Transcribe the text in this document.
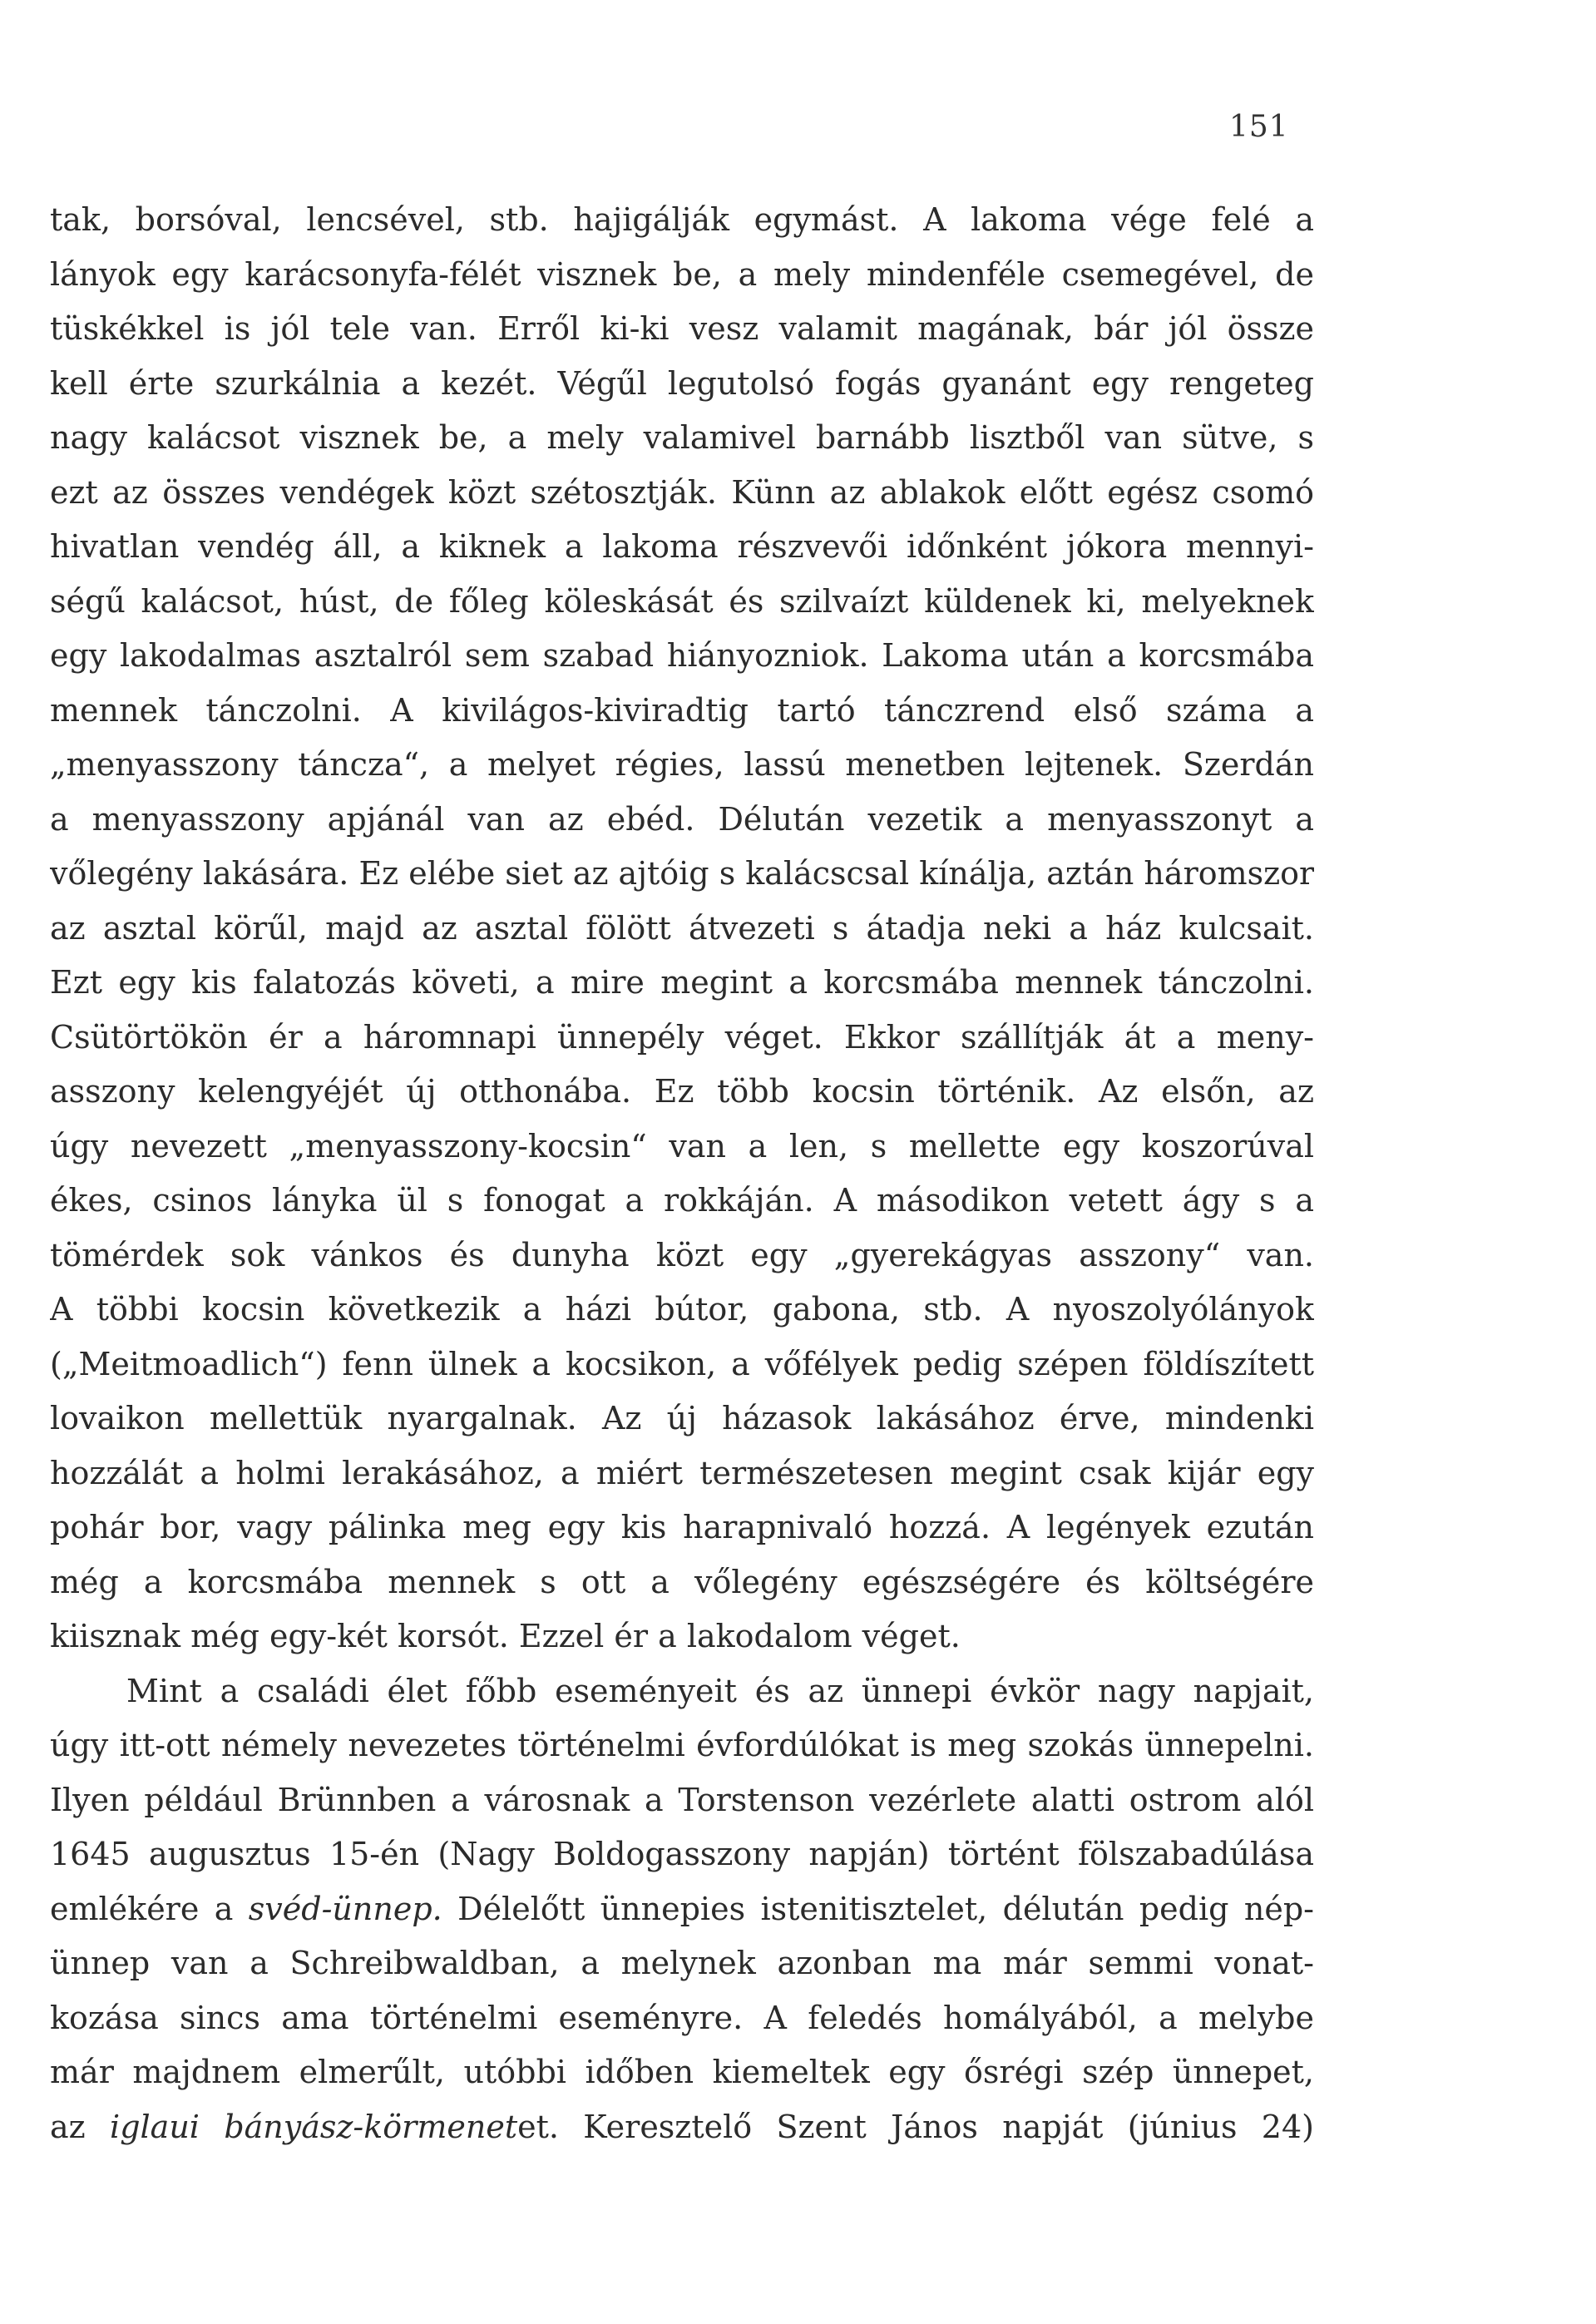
151
tak, borsóval, lencsével, stb. hajigálják egymást. A lakoma vége felé a
lányok egy karácsonyfa-félét visznek be, a mely mindenféle csemegével, de
tüskékkel is jól tele van. Erről ki-ki vesz valamit magának, bár jól össze
kell érte szurkálnia a kezét. Végűl legutolsó fogás gyanánt egy rengeteg
nagy kalácsot visznek be, a mely valamivel barnább lisztből van sütve, s
ezt az összes vendégek közt szétosztják. Künn az ablakok előtt egész csomó
hivatlan vendég áll, a kiknek a lakoma részvevői időnként jókora mennyi-
ségű kalácsot, húst, de főleg köleskását és szilvaízt küldenek ki, melyeknek
egy lakodalmas asztalról sem szabad hiányozniok. Lakoma után a korcsmába
mennek tánczolni. A kivilágos-kiviradtig tartó tánczrend első száma a
„menyasszony táncza“, a melyet régies, lassú menetben lejtenek. Szerdán
a menyasszony apjánál van az ebéd. Délután vezetik a menyasszonyt a
vőlegény lakására. Ez elébe siet az ajtóig s kalácscsal kínálja, aztán háromszor
az asztal körűl, majd az asztal fölött átvezeti s átadja neki a ház kulcsait.
Ezt egy kis falatozás követi, a mire megint a korcsmába mennek tánczolni.
Csütörtökön ér a háromnapi ünnepély véget. Ekkor szállítják át a meny-
asszony kelengyéjét új otthonába. Ez több kocsin történik. Az elsőn, az
úgy nevezett „menyasszony-kocsin“ van a len, s mellette egy koszorúval
ékes, csinos lányka ül s fonogat a rokkáján. A másodikon vetett ágy s a
tömérdek sok vánkos és dunyha közt egy „gyerekágyas asszony“ van.
A többi kocsin következik a házi bútor, gabona, stb. A nyoszolyólányok
(„Meitmoadlich“) fenn ülnek a kocsikon, a vőfélyek pedig szépen földíszített
lovaikon mellettük nyargalnak. Az új házasok lakásához érve, mindenki
hozzálát a holmi lerakásához, a miért természetesen megint csak kijár egy
pohár bor, vagy pálinka meg egy kis harapnivaló hozzá. A legények ezután
még a korcsmába mennek s ott a vőlegény egészségére és költségére
kiisznak még egy-két korsót. Ezzel ér a lakodalom véget.
Mint a családi élet főbb eseményeit és az ünnepi évkör nagy napjait,
úgy itt-ott némely nevezetes történelmi évfordúlókat is meg szokás ünnepelni.
Ilyen például Brünnben a városnak a Torstenson vezérlete alatti ostrom alól
1645 augusztus 15-én (Nagy Boldogasszony napján) történt fölszabadúlása
emlékére a svéd-ünnep. Délelőtt ünnepies istenitisztelet, délután pedig nép-
ünnep van a Schreibwaldban, a melynek azonban ma már semmi vonat-
kozása sincs ama történelmi eseményre. A feledés homályából, a melybe
már majdnem elmerűlt, utóbbi időben kiemeltek egy ősrégi szép ünnepet,
az iglaui bányász-körmenetet. Keresztelő Szent János napját (június 24)
